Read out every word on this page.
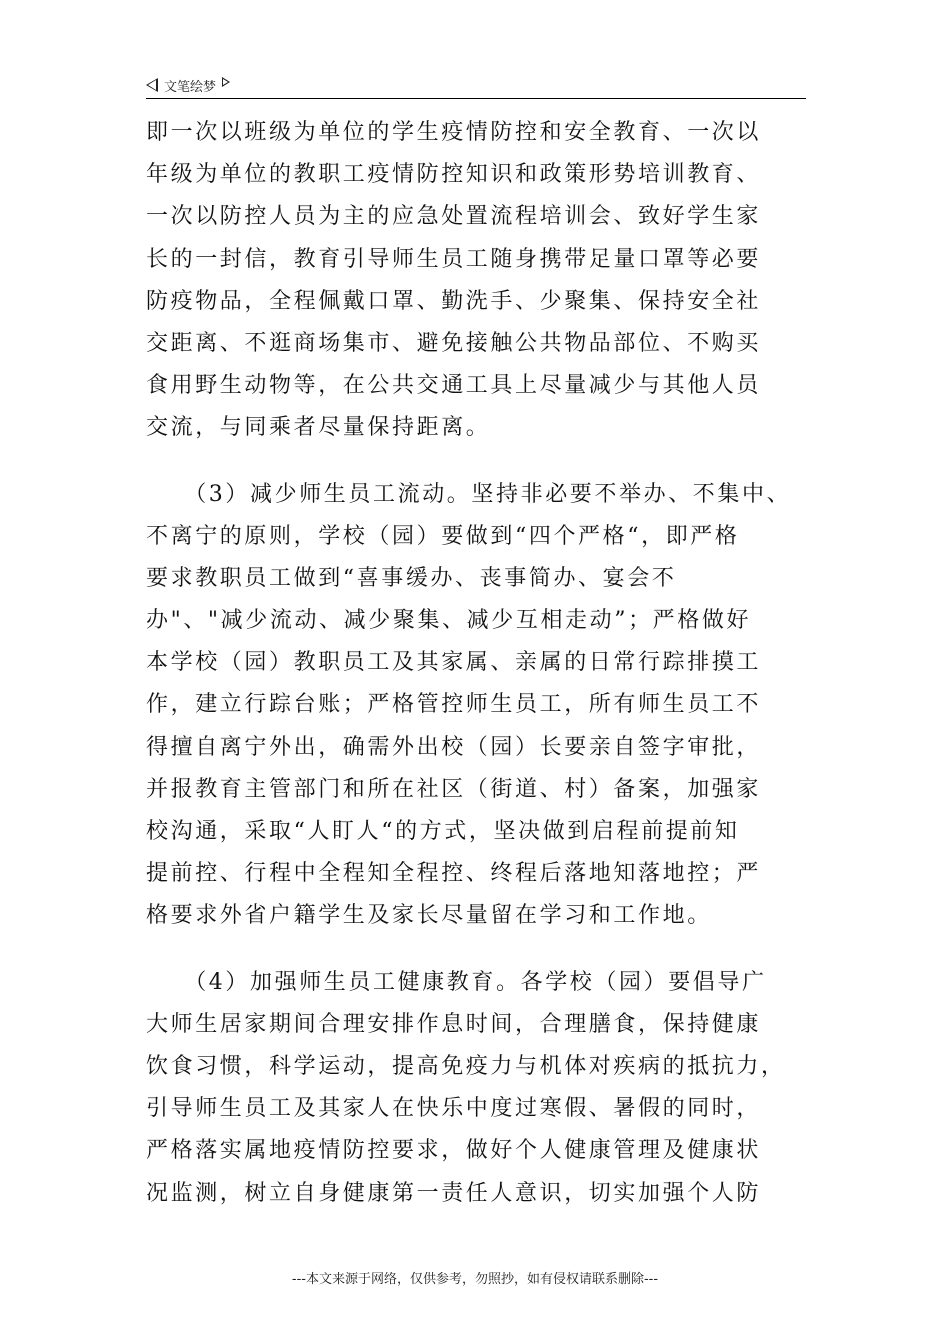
文笔绘梦
即一次以班级为单位的学生疫情防控和安全教育、一次以
年级为单位的教职工疫情防控知识和政策形势培训教育、
一次以防控人员为主的应急处置流程培训会、致好学生家
长的一封信，教育引导师生员工随身携带足量口罩等必要
防疫物品，全程佩戴口罩、勤洗手、少聚集、保持安全社
交距离、不逛商场集市、避免接触公共物品部位、不购买
食用野生动物等，在公共交通工具上尽量减少与其他人员
交流，与同乘者尽量保持距离。
　　（3）减少师生员工流动。坚持非必要不举办、不集中、
不离宁的原则，学校（园）要做到“四个严格“，即严格
要求教职员工做到“喜事缓办、丧事简办、宴会不
办"、"减少流动、减少聚集、减少互相走动”；严格做好
本学校（园）教职员工及其家属、亲属的日常行踪排摸工
作，建立行踪台账；严格管控师生员工，所有师生员工不
得擅自离宁外出，确需外出校（园）长要亲自签字审批，
并报教育主管部门和所在社区（街道、村）备案，加强家
校沟通，采取“人盯人“的方式，坚决做到启程前提前知
提前控、行程中全程知全程控、终程后落地知落地控；严
格要求外省户籍学生及家长尽量留在学习和工作地。
　　（4）加强师生员工健康教育。各学校（园）要倡导广
大师生居家期间合理安排作息时间，合理膳食，保持健康
饮食习惯，科学运动，提高免疫力与机体对疾病的抵抗力，
引导师生员工及其家人在快乐中度过寒假、暑假的同时，
严格落实属地疫情防控要求，做好个人健康管理及健康状
况监测，树立自身健康第一责任人意识，切实加强个人防
---本文来源于网络，仅供参考，勿照抄，如有侵权请联系删除---
